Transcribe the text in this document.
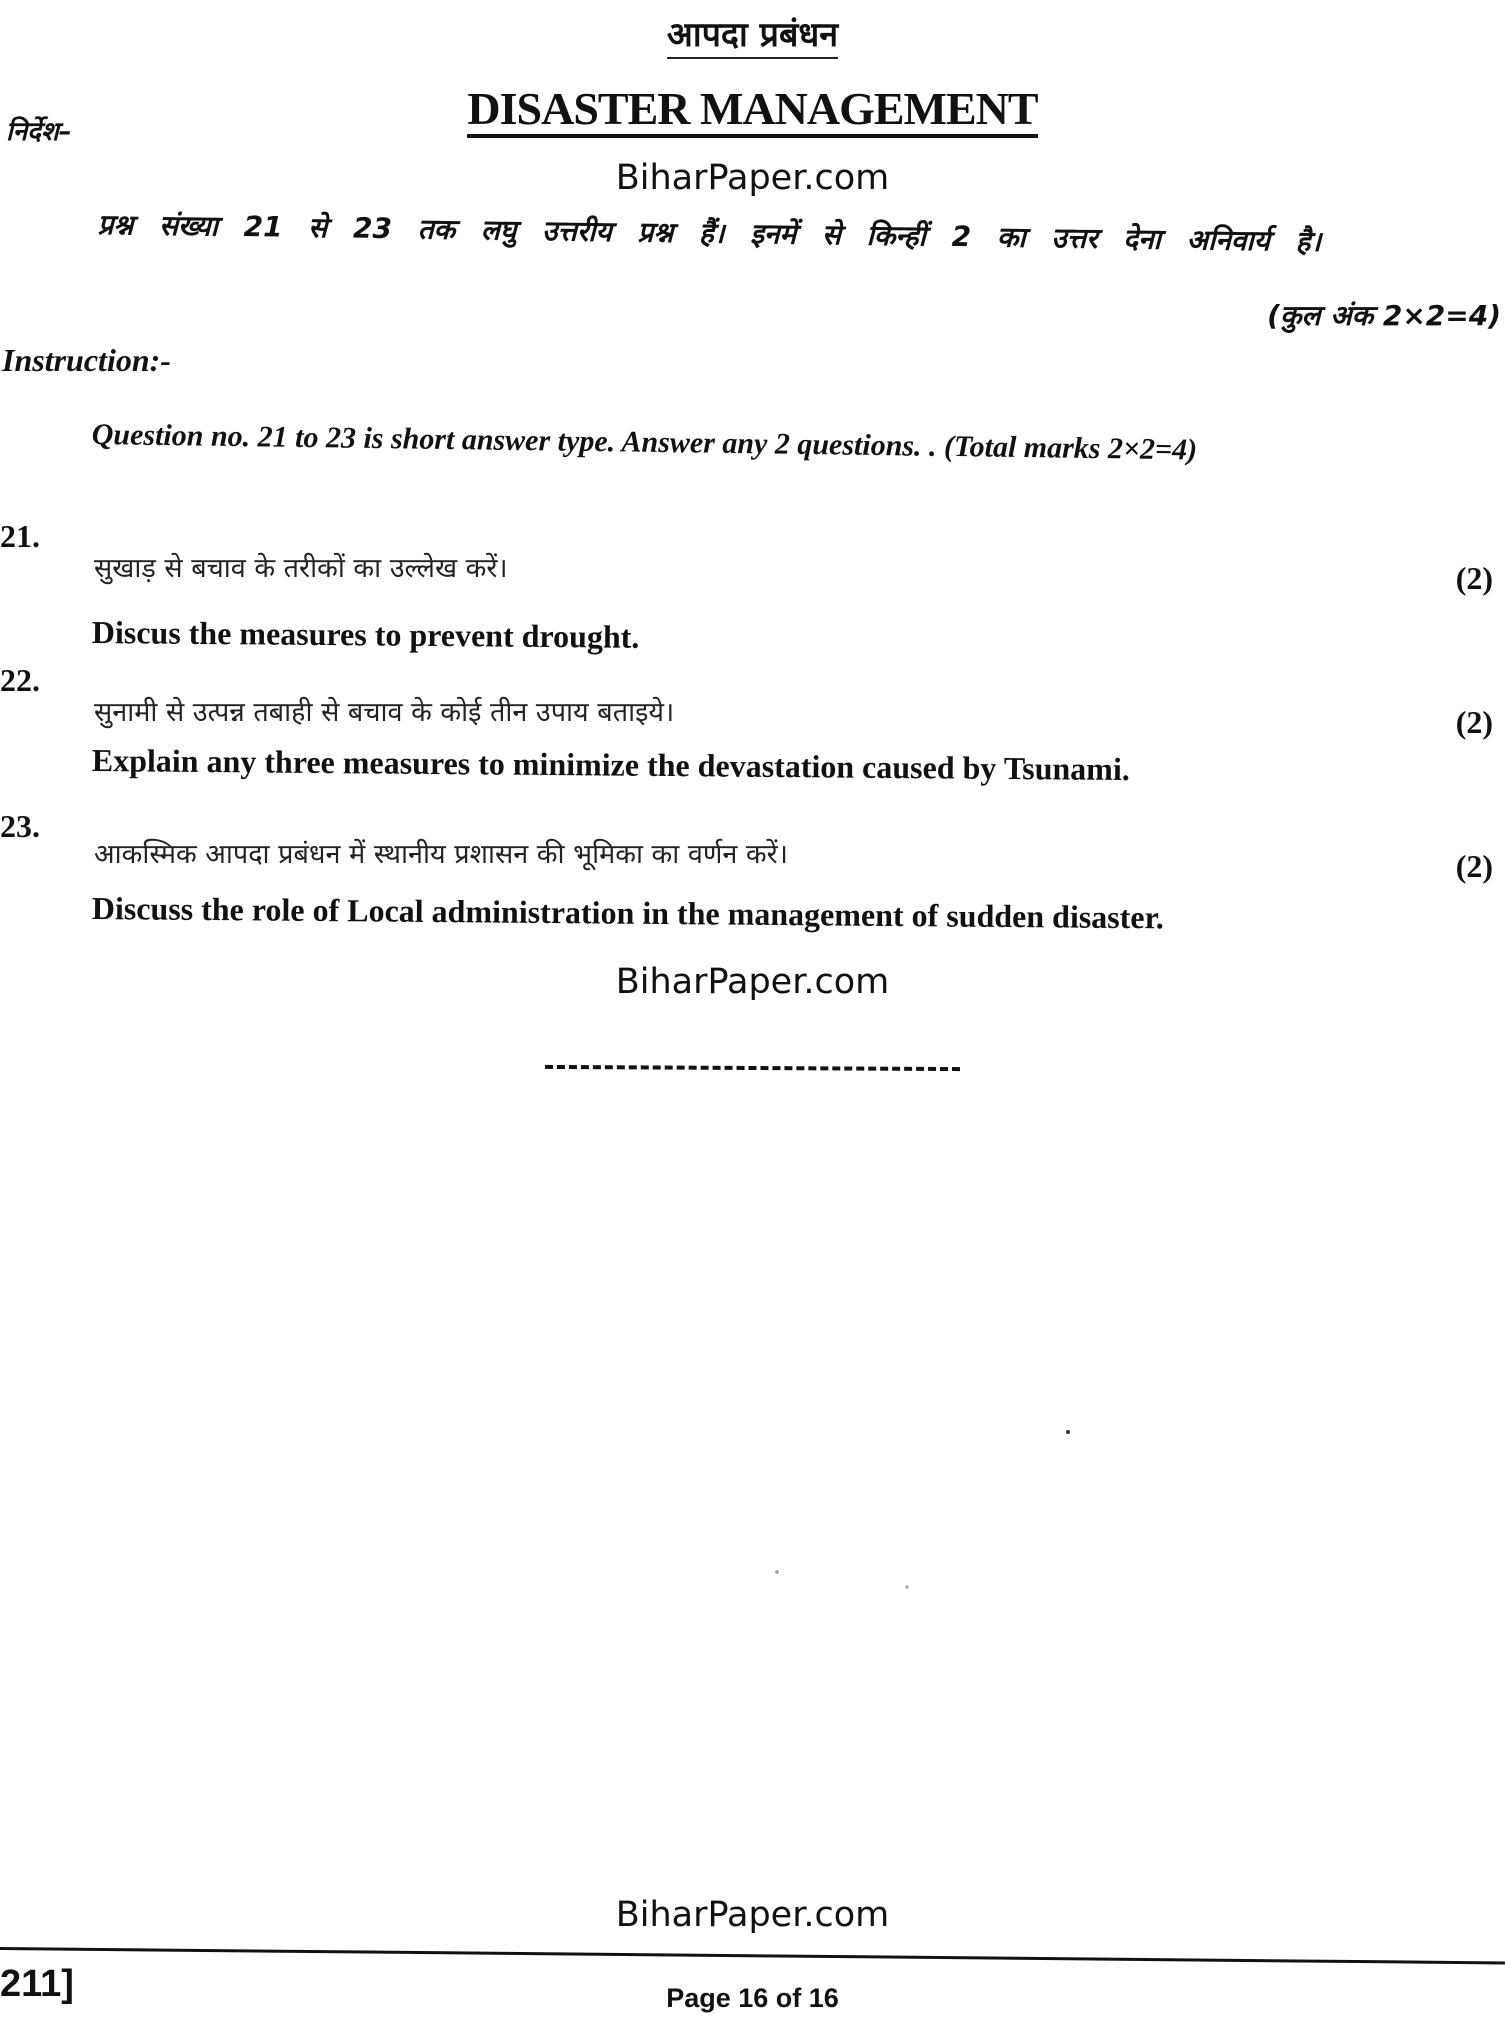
आपदा प्रबंधन
DISASTER MANAGEMENT
निर्देश–
BiharPaper.com
प्रश्न संख्या 21 से 23 तक लघु उत्तरीय प्रश्न हैं। इनमें से किन्हीं 2 का उत्तर देना अनिवार्य है।
(कुल अंक 2×2=4)
Instruction:-
Question no. 21 to 23 is short answer type. Answer any 2 questions. . (Total marks 2×2=4)
21.
सुखाड़ से बचाव के तरीकों का उल्लेख करें।	(2)
Discus the measures to prevent drought.
22.
सुनामी से उत्पन्न तबाही से बचाव के कोई तीन उपाय बताइये।	(2)
Explain any three measures to minimize the devastation caused by Tsunami.
23.
आकस्मिक आपदा प्रबंधन में स्थानीय प्रशासन की भूमिका का वर्णन करें।	(2)
Discuss the role of Local administration in the management of sudden disaster.
BiharPaper.com
BiharPaper.com
211]	Page 16 of 16
